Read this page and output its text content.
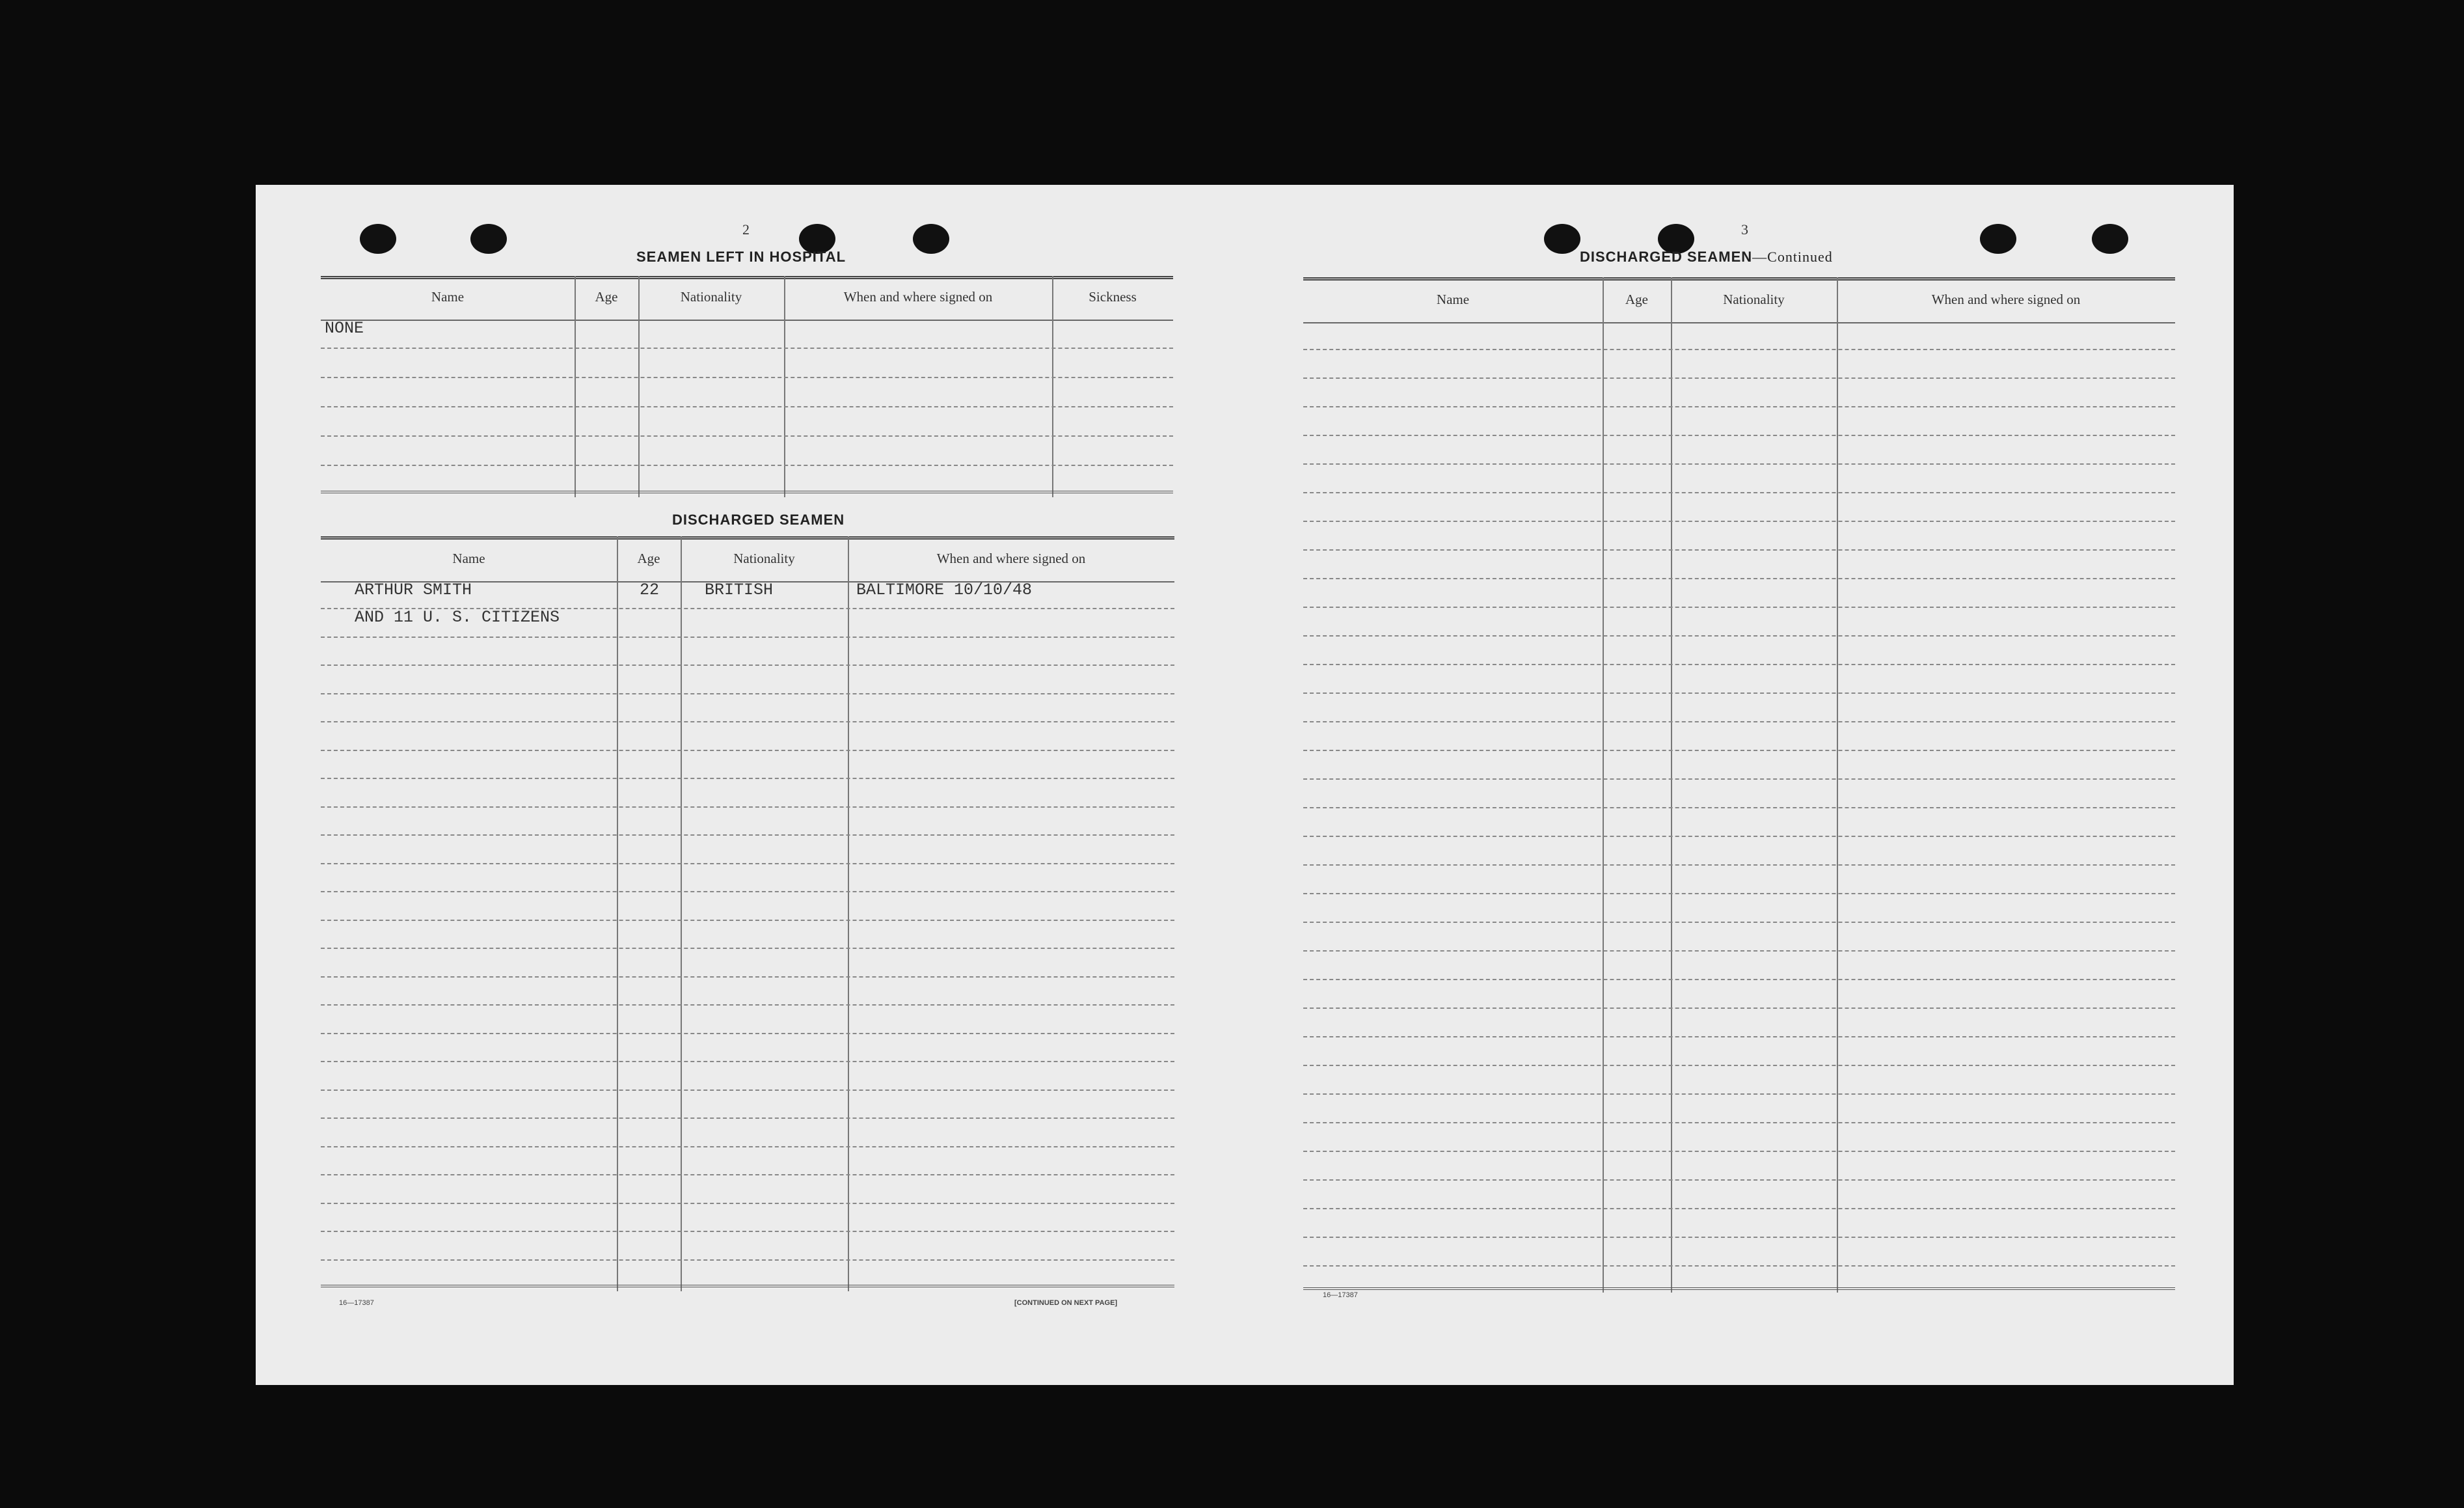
2
SEAMEN LEFT IN HOSPITAL
Name	Age	Nationality	When and where signed on	Sickness
NONE
DISCHARGED SEAMEN
Name	Age	Nationality	When and where signed on
ARTHUR SMITH	22	BRITISH	BALTIMORE 10/10/48
AND 11 U. S. CITIZENS
16—17387	[CONTINUED ON NEXT PAGE]
3
DISCHARGED SEAMEN—Continued
Name	Age	Nationality	When and where signed on
16—17387
